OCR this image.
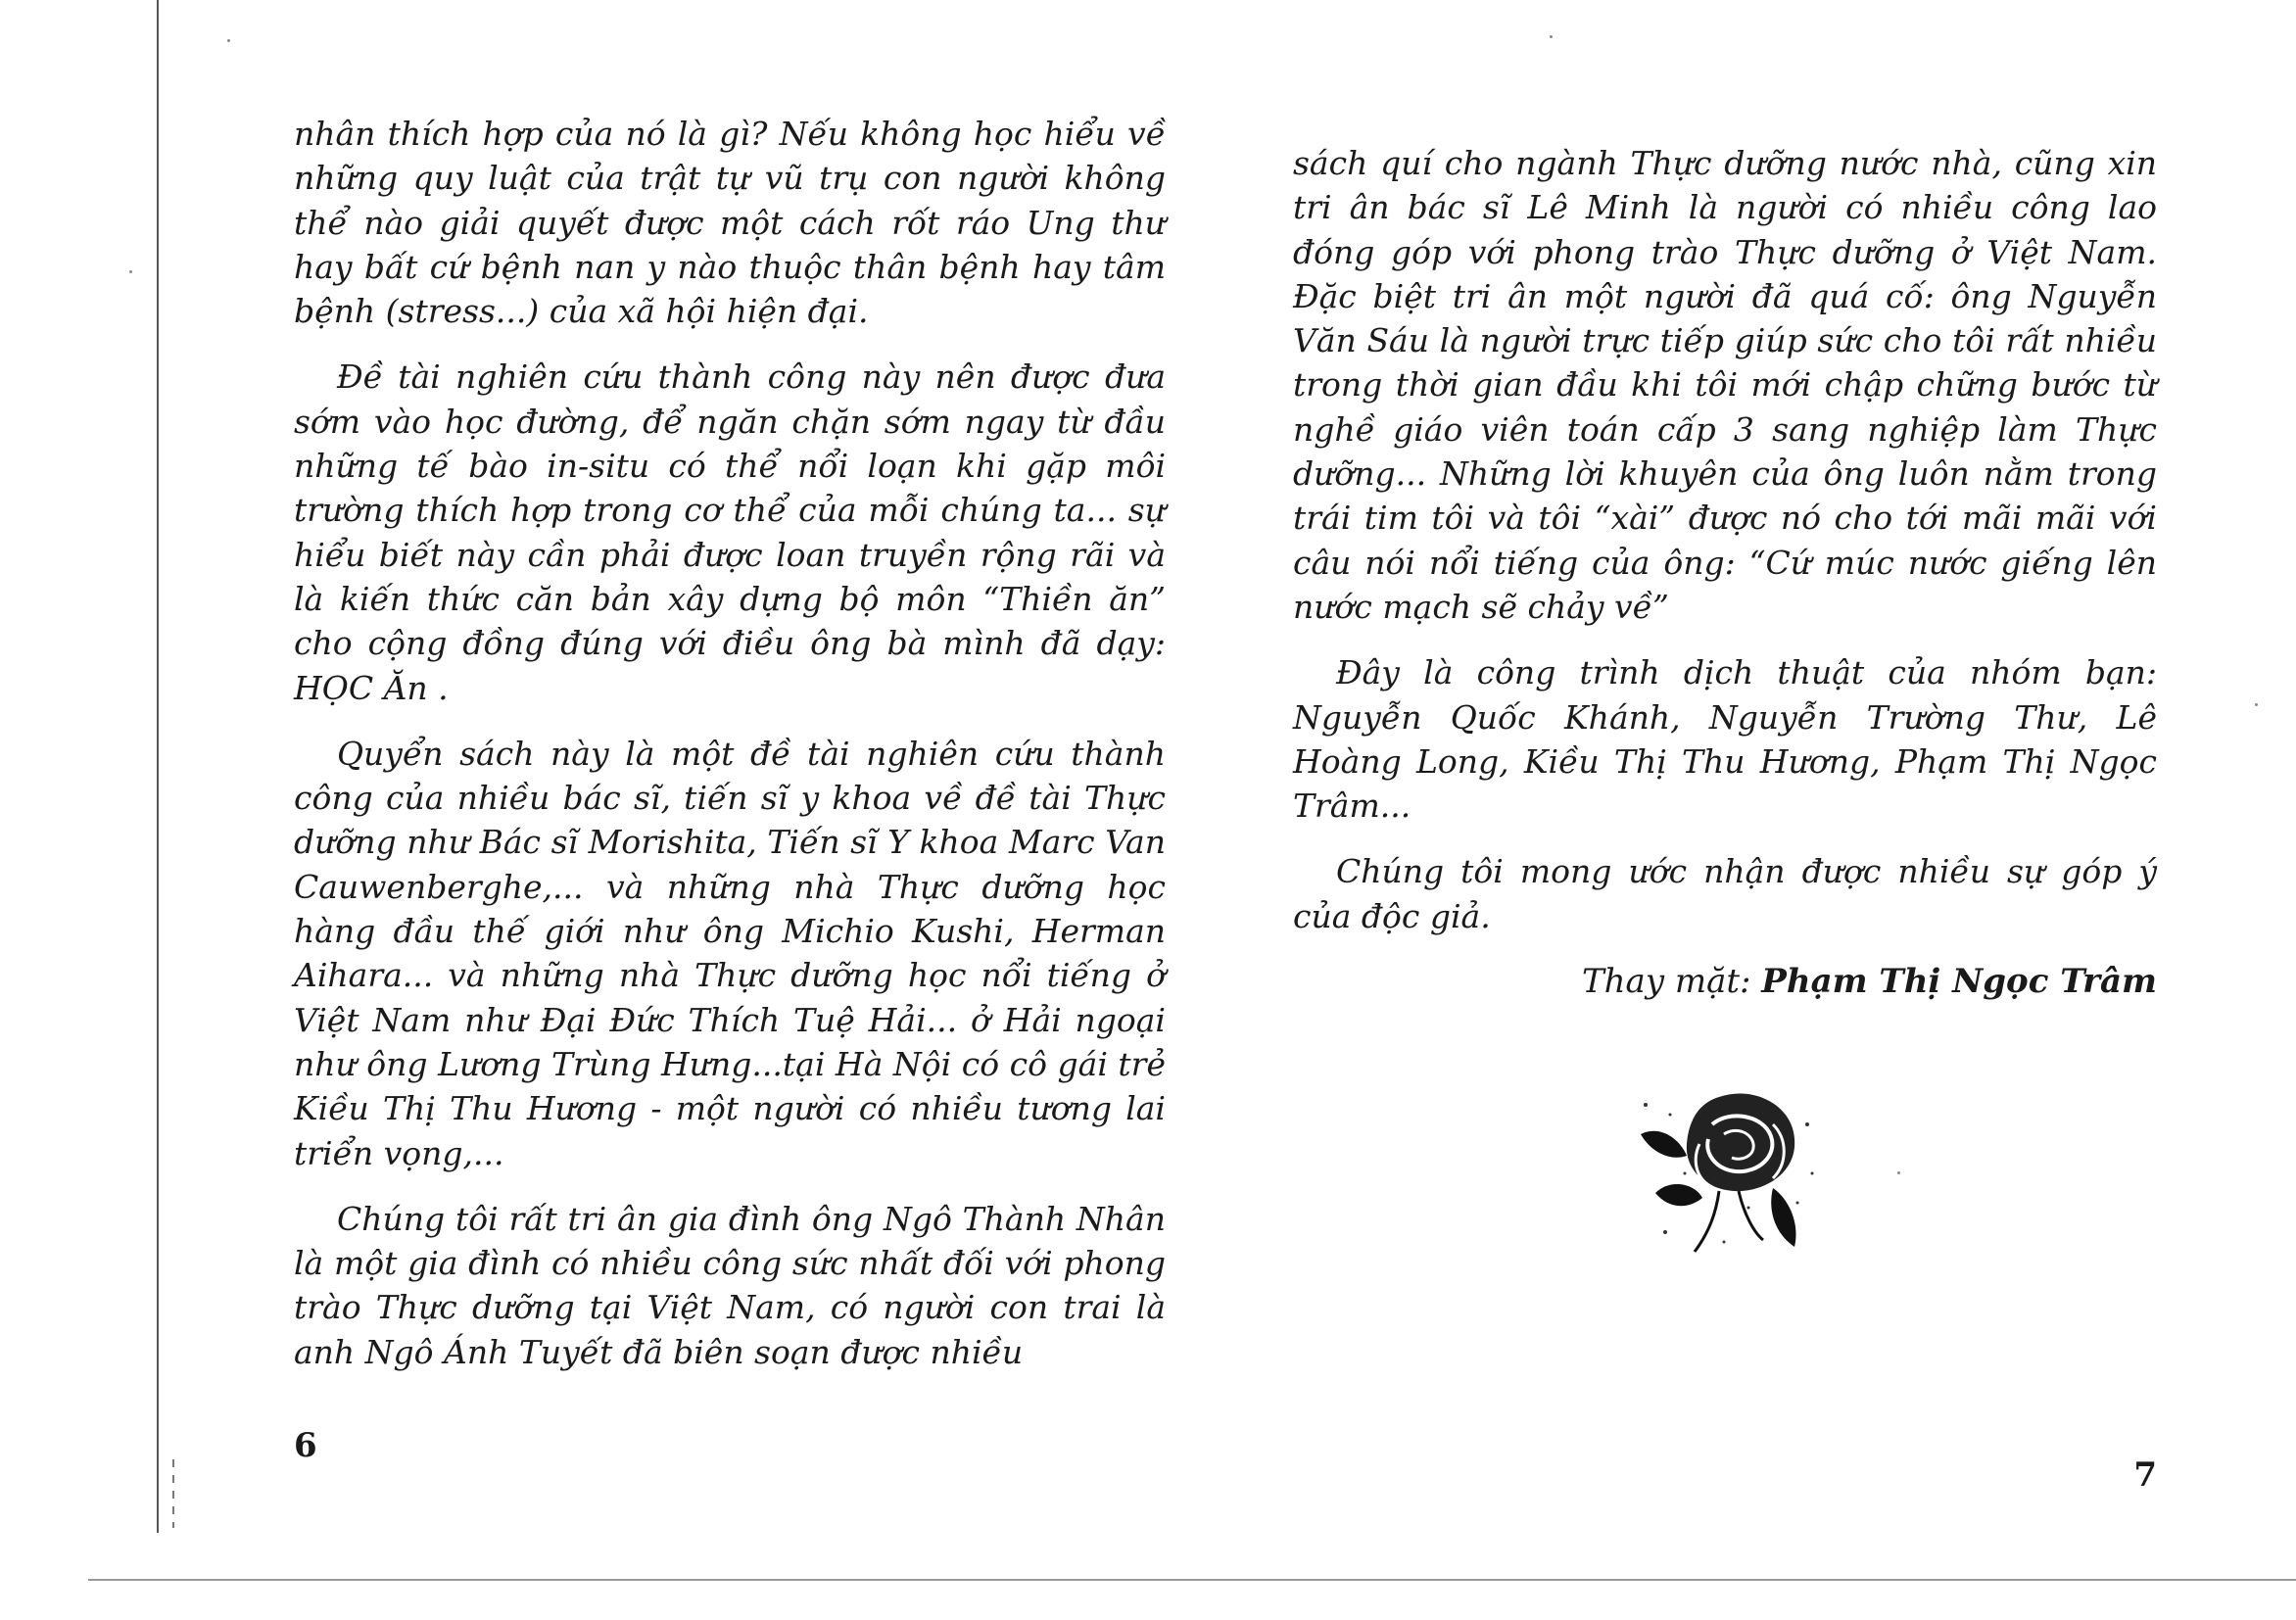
nhân thích hợp của nó là gì? Nếu không học hiểu về những quy luật của trật tự vũ trụ con người không thể nào giải quyết được một cách rốt ráo Ung thư hay bất cứ bệnh nan y nào thuộc thân bệnh hay tâm bệnh (stress...) của xã hội hiện đại.

Đề tài nghiên cứu thành công này nên được đưa sớm vào học đường, để ngăn chặn sớm ngay từ đầu những tế bào in-situ có thể nổi loạn khi gặp môi trường thích hợp trong cơ thể của mỗi chúng ta... sự hiểu biết này cần phải được loan truyền rộng rãi và là kiến thức căn bản xây dựng bộ môn “Thiền ăn” cho cộng đồng đúng với điều ông bà mình đã dạy: HỌC Ăn .

Quyển sách này là một đề tài nghiên cứu thành công của nhiều bác sĩ, tiến sĩ y khoa về đề tài Thực dưỡng như Bác sĩ Morishita, Tiến sĩ Y khoa Marc Van Cauwenberghe,... và những nhà Thực dưỡng học hàng đầu thế giới như ông Michio Kushi, Herman Aihara... và những nhà Thực dưỡng học nổi tiếng ở Việt Nam như Đại Đức Thích Tuệ Hải... ở Hải ngoại như ông Lương Trùng Hưng...tại Hà Nội có cô gái trẻ Kiều Thị Thu Hương - một người có nhiều tương lai triển vọng,...

Chúng tôi rất tri ân gia đình ông Ngô Thành Nhân là một gia đình có nhiều công sức nhất đối với phong trào Thực dưỡng tại Việt Nam, có người con trai là anh Ngô Ánh Tuyết đã biên soạn được nhiều

6

sách quí cho ngành Thực dưỡng nước nhà, cũng xin tri ân bác sĩ Lê Minh là người có nhiều công lao đóng góp với phong trào Thực dưỡng ở Việt Nam. Đặc biệt tri ân một người đã quá cố: ông Nguyễn Văn Sáu là người trực tiếp giúp sức cho tôi rất nhiều trong thời gian đầu khi tôi mới chập chững bước từ nghề giáo viên toán cấp 3 sang nghiệp làm Thực dưỡng... Những lời khuyên của ông luôn nằm trong trái tim tôi và tôi “xài” được nó cho tới mãi mãi với câu nói nổi tiếng của ông: “Cứ múc nước giếng lên nước mạch sẽ chảy về”

Đây là công trình dịch thuật của nhóm bạn: Nguyễn Quốc Khánh, Nguyễn Trường Thư, Lê Hoàng Long, Kiều Thị Thu Hương, Phạm Thị Ngọc Trâm...

Chúng tôi mong ước nhận được nhiều sự góp ý của độc giả.

Thay mặt: Phạm Thị Ngọc Trâm

7
